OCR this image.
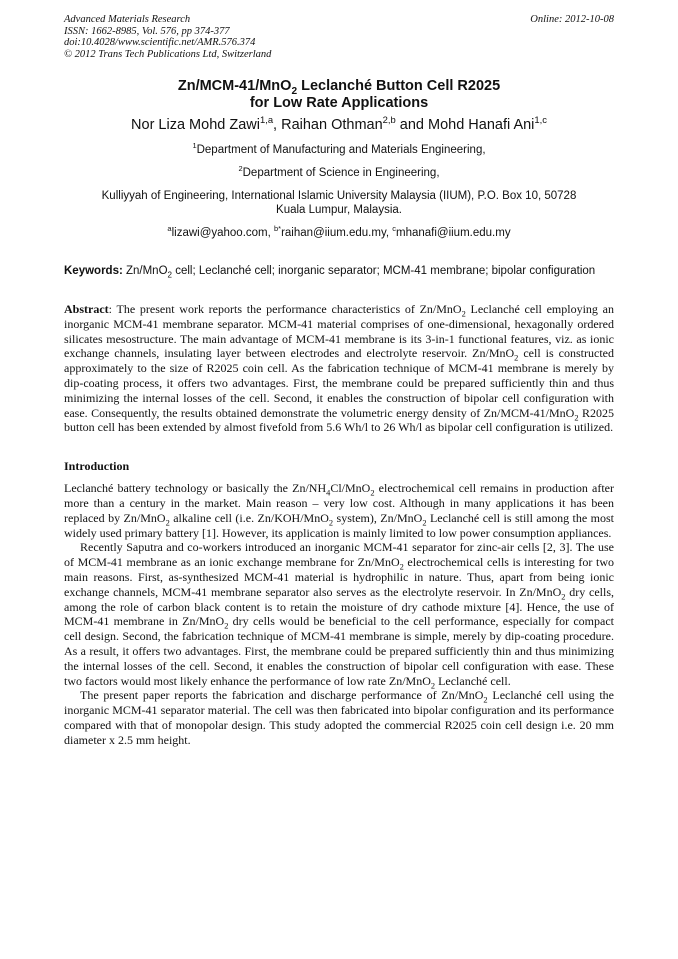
Advanced Materials Research
ISSN: 1662-8985, Vol. 576, pp 374-377
doi:10.4028/www.scientific.net/AMR.576.374
© 2012 Trans Tech Publications Ltd, Switzerland
Online: 2012-10-08
Zn/MCM-41/MnO$_2$ Leclanché Button Cell R2025
for Low Rate Applications
Nor Liza Mohd Zawi$^{1,a}$, Raihan Othman$^{2,b}$ and Mohd Hanafi Ani$^{1,c}$
$^1$Department of Manufacturing and Materials Engineering,
$^2$Department of Science in Engineering,
Kulliyyah of Engineering, International Islamic University Malaysia (IIUM), P.O. Box 10, 50728
Kuala Lumpur, Malaysia.
$^a$lizawi@yahoo.com, $^{b*}$raihan@iium.edu.my, $^c$mhanafi@iium.edu.my
Keywords: Zn/MnO$_2$ cell; Leclanché cell; inorganic separator; MCM-41 membrane; bipolar configuration
Abstract: The present work reports the performance characteristics of Zn/MnO$_2$ Leclanché cell employing an inorganic MCM-41 membrane separator. MCM-41 material comprises of one-dimensional, hexagonally ordered silicates mesostructure. The main advantage of MCM-41 membrane is its 3-in-1 functional features, viz. as ionic exchange channels, insulating layer between electrodes and electrolyte reservoir. Zn/MnO$_2$ cell is constructed approximately to the size of R2025 coin cell. As the fabrication technique of MCM-41 membrane is merely by dip-coating process, it offers two advantages. First, the membrane could be prepared sufficiently thin and thus minimizing the internal losses of the cell. Second, it enables the construction of bipolar cell configuration with ease. Consequently, the results obtained demonstrate the volumetric energy density of Zn/MCM-41/MnO$_2$ R2025 button cell has been extended by almost fivefold from 5.6 Wh/l to 26 Wh/l as bipolar cell configuration is utilized.
Introduction

Leclanché battery technology or basically the $Zn/NH_4Cl/MnO_2$ electrochemical cell remains in production after more than a century in the market. Main reason – very low cost. Although in many applications it has been replaced by Zn/MnO$_2$ alkaline cell (i.e. Zn/KOH/MnO$_2$ system), Zn/MnO$_2$ Leclanché cell is still among the most widely used primary battery [1]. However, its application is mainly limited to low power consumption appliances.

Recently Saputra and co-workers introduced an inorganic MCM-41 separator for zinc-air cells [2, 3]. The use of MCM-41 membrane as an ionic exchange membrane for Zn/MnO$_2$ electrochemical cells is interesting for two main reasons. First, as-synthesized MCM-41 material is hydrophilic in nature. Thus, apart from being ionic exchange channels, MCM-41 membrane separator also serves as the electrolyte reservoir. In Zn/MnO$_2$ dry cells, among the role of carbon black content is to retain the moisture of dry cathode mixture [4]. Hence, the use of MCM-41 membrane in Zn/MnO$_2$ dry cells would be beneficial to the cell performance, especially for compact cell design. Second, the fabrication technique of MCM-41 membrane is simple, merely by dip-coating procedure. As a result, it offers two advantages. First, the membrane could be prepared sufficiently thin and thus minimizing the internal losses of the cell. Second, it enables the construction of bipolar cell configuration with ease. These two factors would most likely enhance the performance of low rate Zn/MnO$_2$ Leclanché cell.

The present paper reports the fabrication and discharge performance of Zn/MnO$_2$ Leclanché cell using the inorganic MCM-41 separator material. The cell was then fabricated into bipolar configuration and its performance compared with that of monopolar design. This study adopted the commercial R2025 coin cell design i.e. 20 mm diameter x 2.5 mm height.
